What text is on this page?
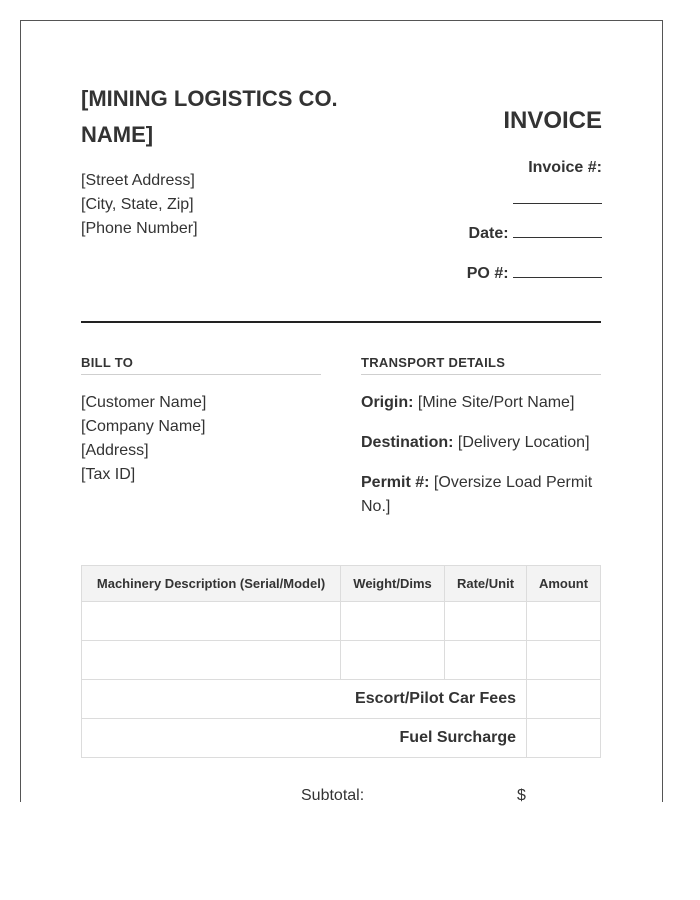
[MINING LOGISTICS CO. NAME]
[Street Address]
[City, State, Zip]
[Phone Number]
INVOICE
Invoice #:
Date:
PO #:
BILL TO	TRANSPORT DETAILS
[Customer Name]
[Company Name]
[Address]
[Tax ID]
Origin: [Mine Site/Port Name]
Destination: [Delivery Location]
Permit #: [Oversize Load Permit No.]
Machinery Description (Serial/Model)	Weight/Dims	Rate/Unit	Amount

Escort/Pilot Car Fees			
Fuel Surcharge			
Subtotal:	$
